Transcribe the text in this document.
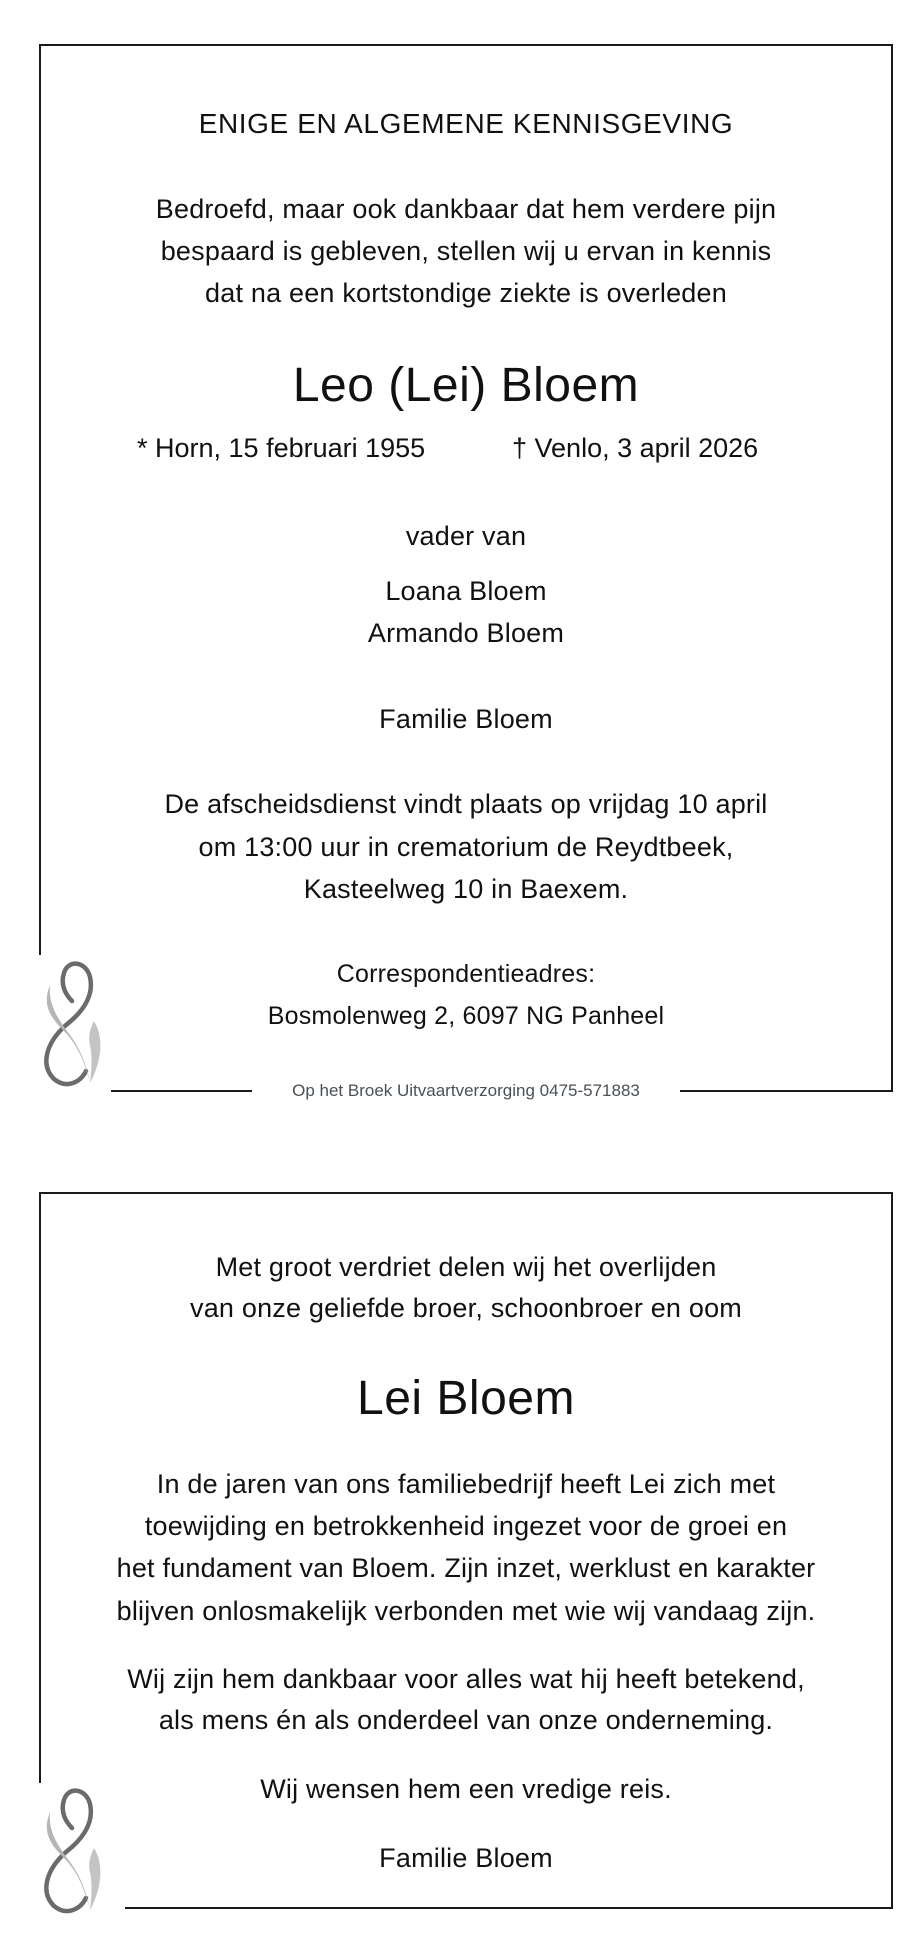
ENIGE EN ALGEMENE KENNISGEVING
Bedroefd, maar ook dankbaar dat hem verdere pijn
bespaard is gebleven, stellen wij u ervan in kennis
dat na een kortstondige ziekte is overleden
Leo (Lei) Bloem
* Horn, 15 februari 1955	† Venlo, 3 april 2026
vader van
Loana Bloem
Armando Bloem
Familie Bloem
De afscheidsdienst vindt plaats op vrijdag 10 april
om 13:00 uur in crematorium de Reydtbeek,
Kasteelweg 10 in Baexem.
Correspondentieadres:
Bosmolenweg 2, 6097 NG Panheel
Op het Broek Uitvaartverzorging 0475-571883
Met groot verdriet delen wij het overlijden
van onze geliefde broer, schoonbroer en oom
Lei Bloem
In de jaren van ons familiebedrijf heeft Lei zich met
toewijding en betrokkenheid ingezet voor de groei en
het fundament van Bloem. Zijn inzet, werklust en karakter
blijven onlosmakelijk verbonden met wie wij vandaag zijn.
Wij zijn hem dankbaar voor alles wat hij heeft betekend,
als mens én als onderdeel van onze onderneming.
Wij wensen hem een vredige reis.
Familie Bloem
